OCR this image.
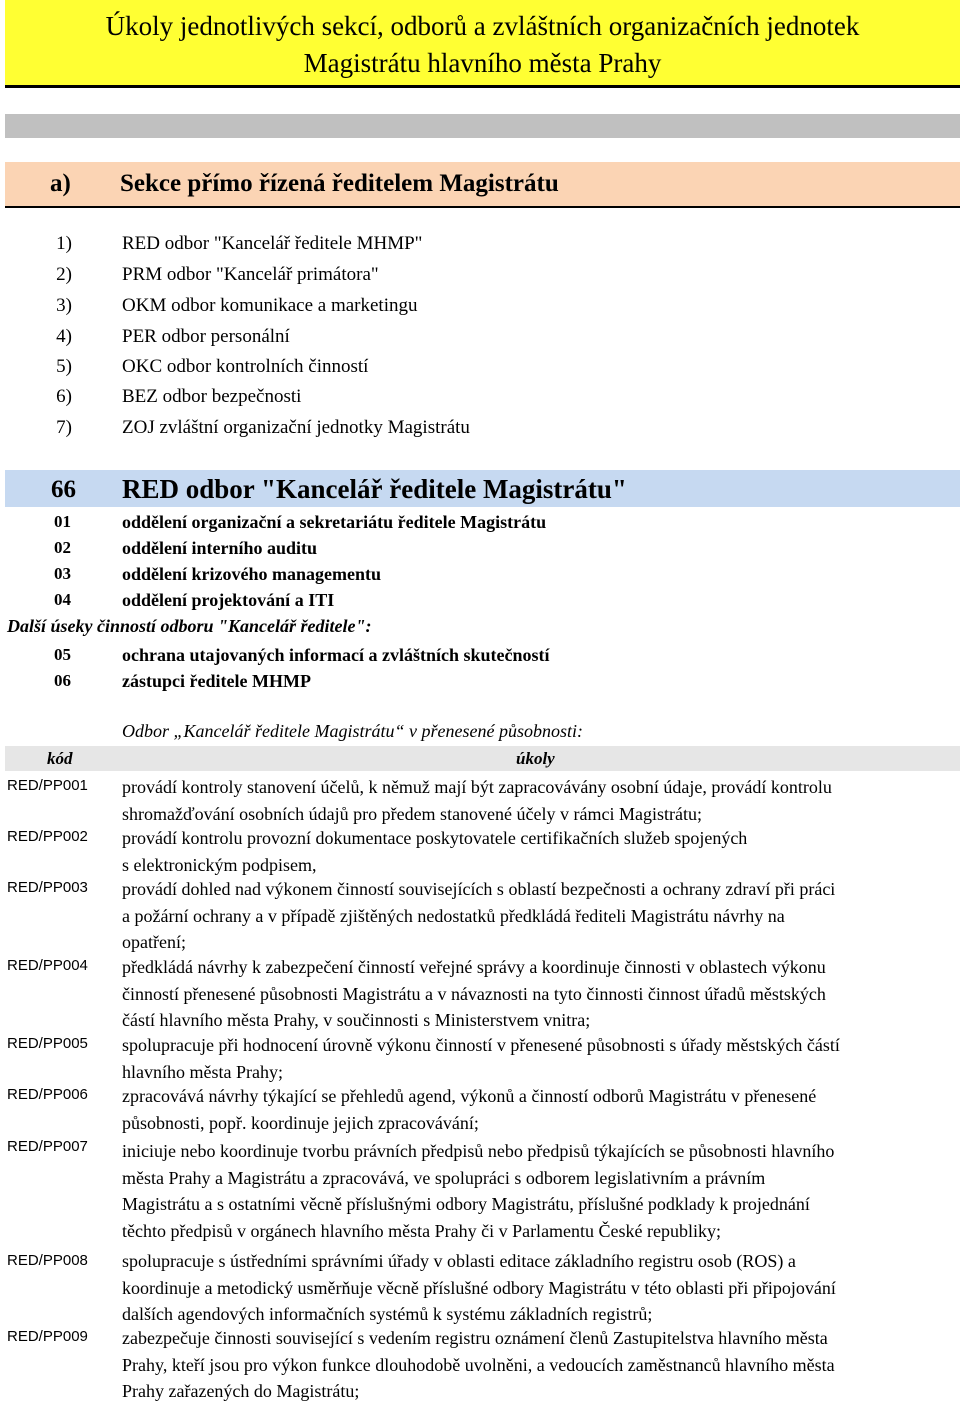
Úkoly jednotlivých sekcí, odborů a zvláštních organizačních jednotek
Magistrátu hlavního města Prahy
a) Sekce přímo řízená ředitelem Magistrátu
1)	RED odbor "Kancelář ředitele MHMP"
2)	PRM odbor "Kancelář primátora"
3)	OKM odbor komunikace a marketingu
4)	PER odbor personální
5)	OKC odbor kontrolních činností
6)	BEZ odbor bezpečnosti
7)	ZOJ zvláštní organizační jednotky Magistrátu
66 RED odbor "Kancelář ředitele Magistrátu"
01	oddělení organizační a sekretariátu ředitele Magistrátu
02	oddělení interního auditu
03	oddělení krizového managementu
04	oddělení projektování a ITI
Další úseky činností odboru "Kancelář ředitele":
05	ochrana utajovaných informací a zvláštních skutečností
06	zástupci ředitele MHMP
Odbor „Kancelář ředitele Magistrátu“ v přenesené působnosti:
kód	úkoly
RED/PP001 provádí kontroly stanovení účelů, k němuž mají být zapracovávány osobní údaje, provádí kontrolu
shromažďování osobních údajů pro předem stanovené účely v rámci Magistrátu;
RED/PP002 provádí kontrolu provozní dokumentace poskytovatele certifikačních služeb spojených
s elektronickým podpisem,
RED/PP003 provádí dohled nad výkonem činností souvisejících s oblastí bezpečnosti a ochrany zdraví při práci
a požární ochrany a v případě zjištěných nedostatků předkládá řediteli Magistrátu návrhy na
opatření;
RED/PP004 předkládá návrhy k zabezpečení činností veřejné správy a koordinuje činnosti v oblastech výkonu
činností přenesené působnosti Magistrátu a v návaznosti na tyto činnosti činnost úřadů městských
částí hlavního města Prahy, v součinnosti s Ministerstvem vnitra;
RED/PP005 spolupracuje při hodnocení úrovně výkonu činností v přenesené působnosti s úřady městských částí
hlavního města Prahy;
RED/PP006 zpracovává návrhy týkající se přehledů agend, výkonů a činností odborů Magistrátu v přenesené
působnosti, popř. koordinuje jejich zpracovávání;
RED/PP007 iniciuje nebo koordinuje tvorbu právních předpisů nebo předpisů týkajících se působnosti hlavního
města Prahy a Magistrátu a zpracovává, ve spolupráci s odborem legislativním a právním
Magistrátu a s ostatními věcně příslušnými odbory Magistrátu, příslušné podklady k projednání
těchto předpisů v orgánech hlavního města Prahy či v Parlamentu České republiky;
RED/PP008 spolupracuje s ústředními správními úřady v oblasti editace základního registru osob (ROS) a
koordinuje a metodický usměrňuje věcně příslušné odbory Magistrátu v této oblasti při připojování
dalších agendových informačních systémů k systému základních registrů;
RED/PP009 zabezpečuje činnosti související s vedením registru oznámení členů Zastupitelstva hlavního města
Prahy, kteří jsou pro výkon funkce dlouhodobě uvolněni, a vedoucích zaměstnanců hlavního města
Prahy zařazených do Magistrátu;
